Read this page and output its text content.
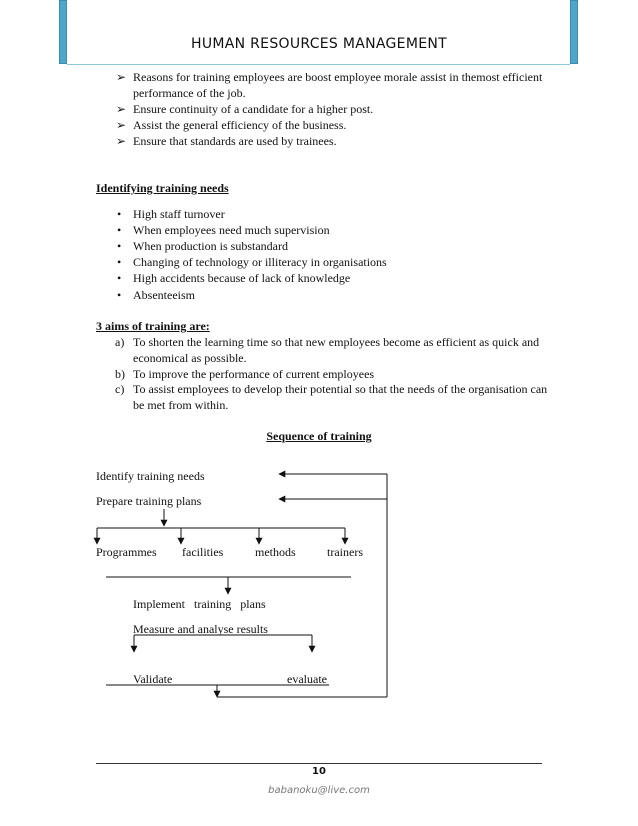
HUMAN RESOURCES MANAGEMENT
➢ Reasons for training employees are boost employee morale assist in themost efficient
performance of the job.
➢ Ensure continuity of a candidate for a higher post.
➢ Assist the general efficiency of the business.
➢ Ensure that standards are used by trainees.
Identifying training needs
• High staff turnover
• When employees need much supervision
• When production is substandard
• Changing of technology or illiteracy in organisations
• High accidents because of lack of knowledge
• Absenteeism
3 aims of training are:
a) To shorten the learning time so that new employees become as efficient as quick and
economical as possible.
b) To improve the performance of current employees
c) To assist employees to develop their potential so that the needs of the organisation can
be met from within.
Sequence of training
Identify training needs
Prepare training plans
Programmes facilities	methods	trainers
Implement   training   plans
Measure and analyse results
Validate	evaluate
10
babanoku@live.com
